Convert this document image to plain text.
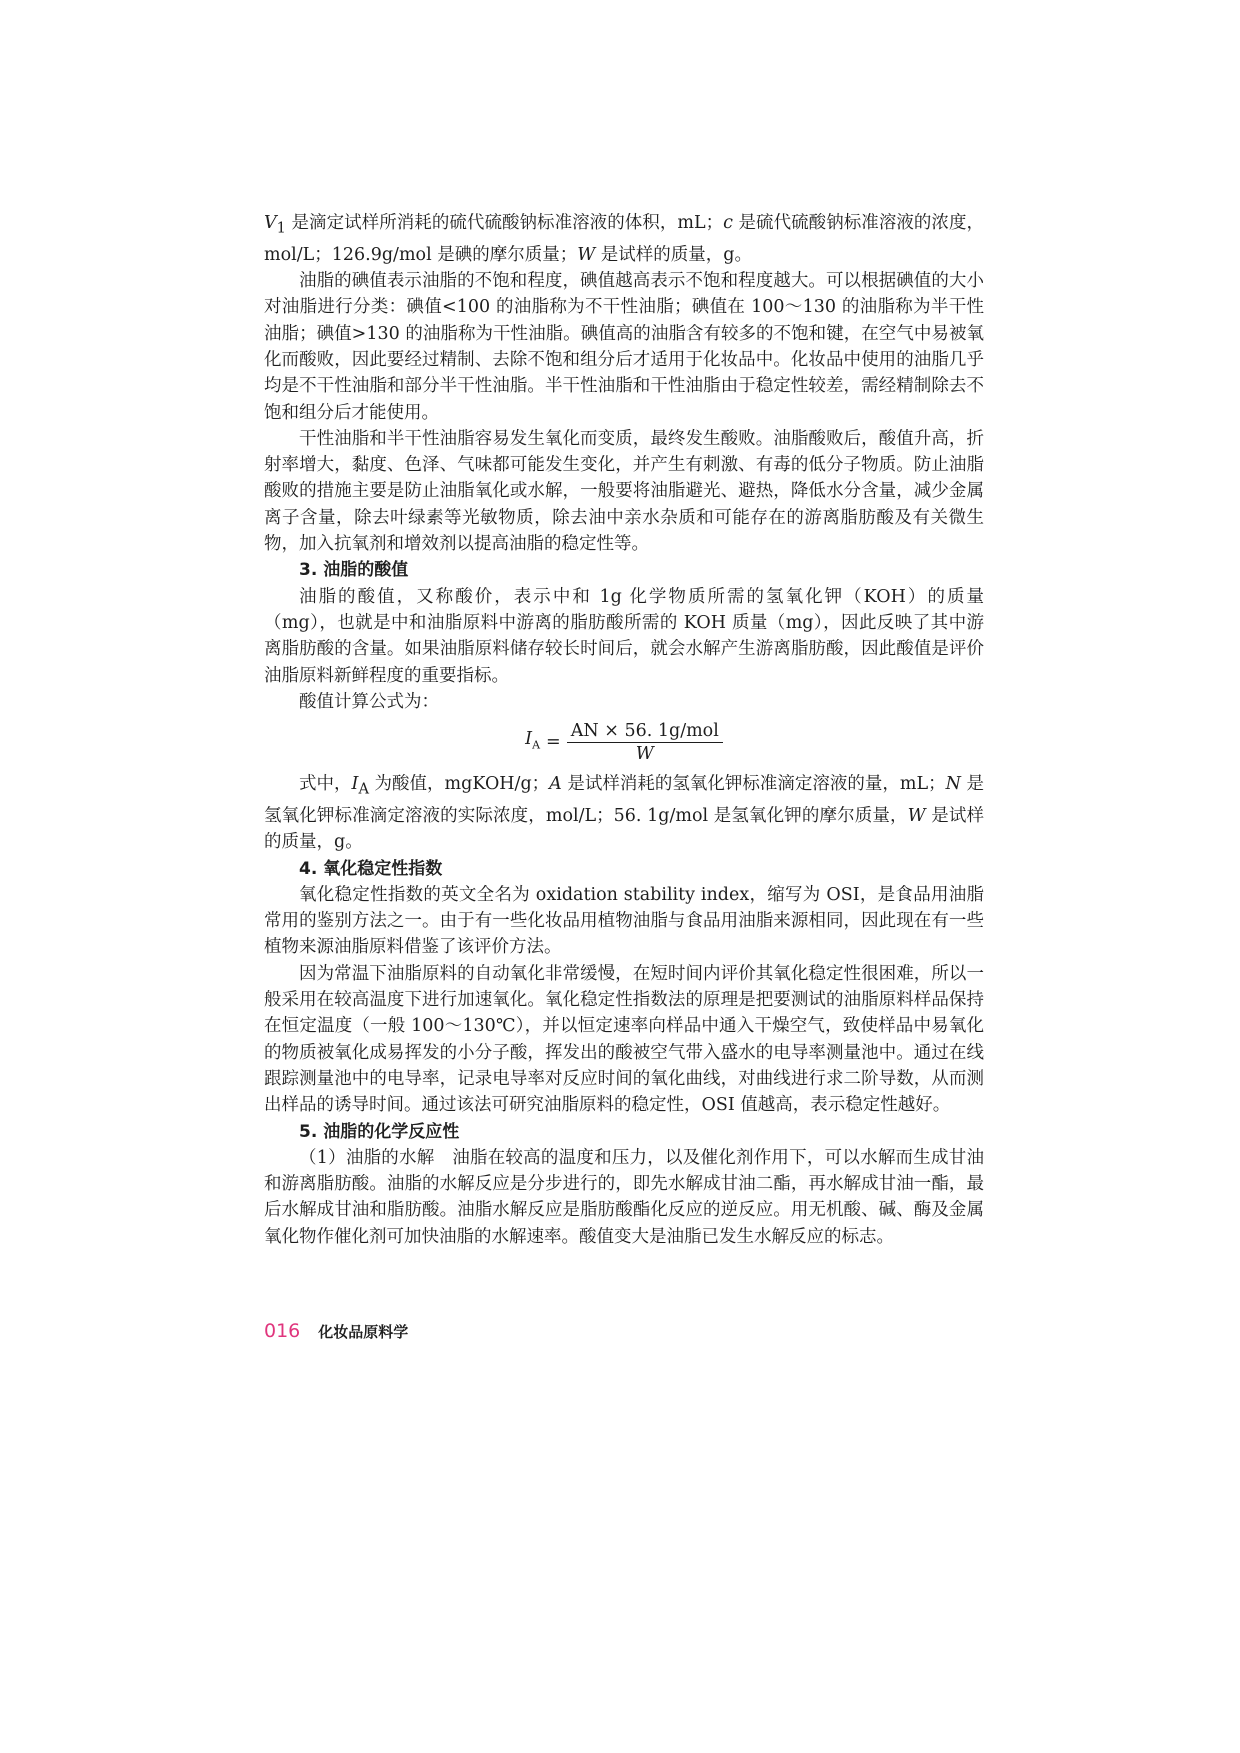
$V_1$ 是滴定试样所消耗的硫代硫酸钠标准溶液的体积，mL；c 是硫代硫酸钠标准溶液的浓度，mol/L；126.9g/mol 是碘的摩尔质量；W 是试样的质量，g。

油脂的碘值表示油脂的不饱和程度，碘值越高表示不饱和程度越大。可以根据碘值的大小对油脂进行分类：碘值<100 的油脂称为不干性油脂；碘值在 100～130 的油脂称为半干性油脂；碘值>130 的油脂称为干性油脂。碘值高的油脂含有较多的不饱和键，在空气中易被氧化而酸败，因此要经过精制、去除不饱和组分后才适用于化妆品中。化妆品中使用的油脂几乎均是不干性油脂和部分半干性油脂。半干性油脂和干性油脂由于稳定性较差，需经精制除去不饱和组分后才能使用。

干性油脂和半干性油脂容易发生氧化而变质，最终发生酸败。油脂酸败后，酸值升高，折射率增大，黏度、色泽、气味都可能发生变化，并产生有刺激、有毒的低分子物质。防止油脂酸败的措施主要是防止油脂氧化或水解，一般要将油脂避光、避热，降低水分含量，减少金属离子含量，除去叶绿素等光敏物质，除去油中亲水杂质和可能存在的游离脂肪酸及有关微生物，加入抗氧剂和增效剂以提高油脂的稳定性等。

3. 油脂的酸值

油脂的酸值，又称酸价，表示中和 1g 化学物质所需的氢氧化钾（KOH）的质量（mg），也就是中和油脂原料中游离的脂肪酸所需的 KOH 质量（mg），因此反映了其中游离脂肪酸的含量。如果油脂原料储存较长时间后，就会水解产生游离脂肪酸，因此酸值是评价油脂原料新鲜程度的重要指标。

酸值计算公式为：

$I_A = \frac{\text{AN × 56. 1g/mol}}{W}$

式中，$I_A$ 为酸值，mgKOH/g；A 是试样消耗的氢氧化钾标准滴定溶液的量，mL；N 是氢氧化钾标准滴定溶液的实际浓度，mol/L；56. 1g/mol 是氢氧化钾的摩尔质量，W 是试样的质量，g。

4. 氧化稳定性指数

氧化稳定性指数的英文全名为 oxidation stability index，缩写为 OSI，是食品用油脂常用的鉴别方法之一。由于有一些化妆品用植物油脂与食品用油脂来源相同，因此现在有一些植物来源油脂原料借鉴了该评价方法。

因为常温下油脂原料的自动氧化非常缓慢，在短时间内评价其氧化稳定性很困难，所以一般采用在较高温度下进行加速氧化。氧化稳定性指数法的原理是把要测试的油脂原料样品保持在恒定温度（一般 100～130℃），并以恒定速率向样品中通入干燥空气，致使样品中易氧化的物质被氧化成易挥发的小分子酸，挥发出的酸被空气带入盛水的电导率测量池中。通过在线跟踪测量池中的电导率，记录电导率对反应时间的氧化曲线，对曲线进行求二阶导数，从而测出样品的诱导时间。通过该法可研究油脂原料的稳定性，OSI 值越高，表示稳定性越好。

5. 油脂的化学反应性

（1）油脂的水解　油脂在较高的温度和压力，以及催化剂作用下，可以水解而生成甘油和游离脂肪酸。油脂的水解反应是分步进行的，即先水解成甘油二酯，再水解成甘油一酯，最后水解成甘油和脂肪酸。油脂水解反应是脂肪酸酯化反应的逆反应。用无机酸、碱、酶及金属氧化物作催化剂可加快油脂的水解速率。酸值变大是油脂已发生水解反应的标志。

016 化妆品原料学
